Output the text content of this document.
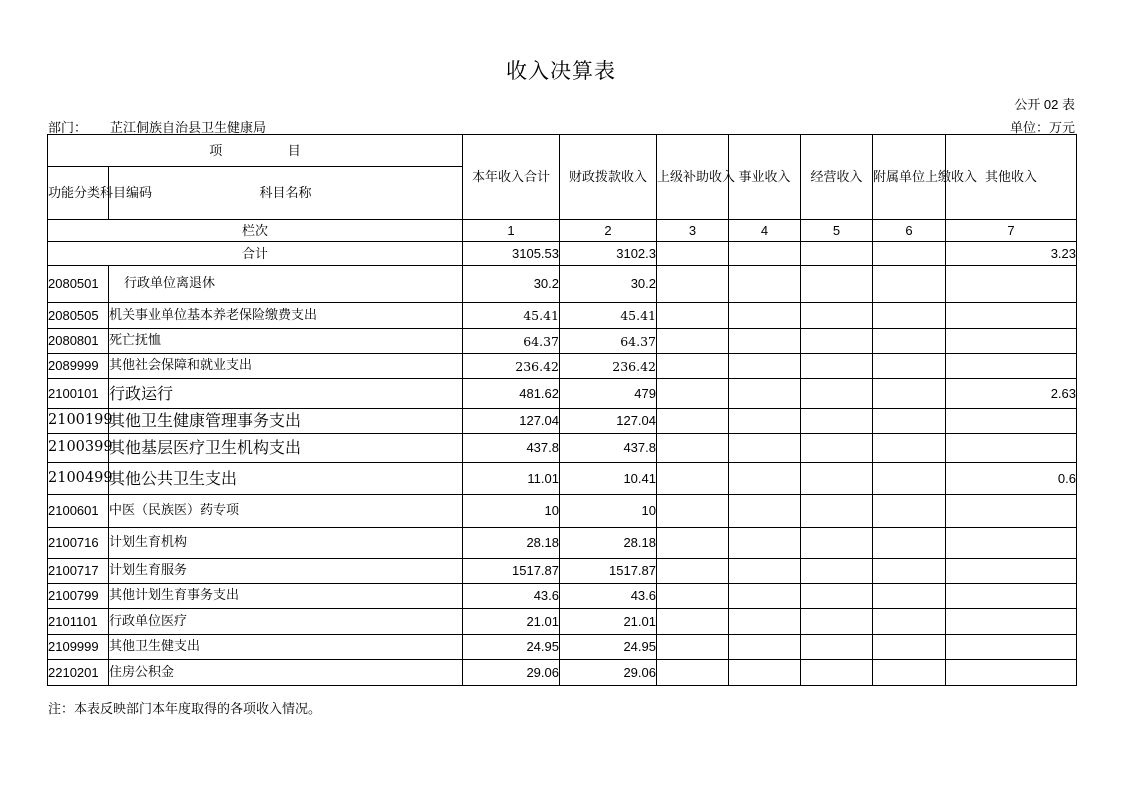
收入决算表
公开 02 表
部门： 芷江侗族自治县卫生健康局	单位：万元
项 目		本年收入合计	财政拨款收入	上级补助收入	事业收入	经营收入	附属单位上缴收入	其他收入
功能分类科目编码	科目名称							
栏次		1	2	3	4	5	6	7
合计		3105.53	3102.3					3.23
2080501	行政单位离退休	30.2	30.2					
2080505	机关事业单位基本养老保险缴费支出	45.41	45.41					
2080801	死亡抚恤	64.37	64.37					
2089999	其他社会保障和就业支出	236.42	236.42					
2100101	行政运行	481.62	479					2.63
2100199	其他卫生健康管理事务支出	127.04	127.04					
2100399	其他基层医疗卫生机构支出	437.8	437.8					
2100499	其他公共卫生支出	11.01	10.41					0.6
2100601	中医（民族医）药专项	10	10					
2100716	计划生育机构	28.18	28.18					
2100717	计划生育服务	1517.87	1517.87					
2100799	其他计划生育事务支出	43.6	43.6					
2101101	行政单位医疗	21.01	21.01					
2109999	其他卫生健支出	24.95	24.95					
2210201	住房公积金	29.06	29.06					
注：本表反映部门本年度取得的各项收入情况。
